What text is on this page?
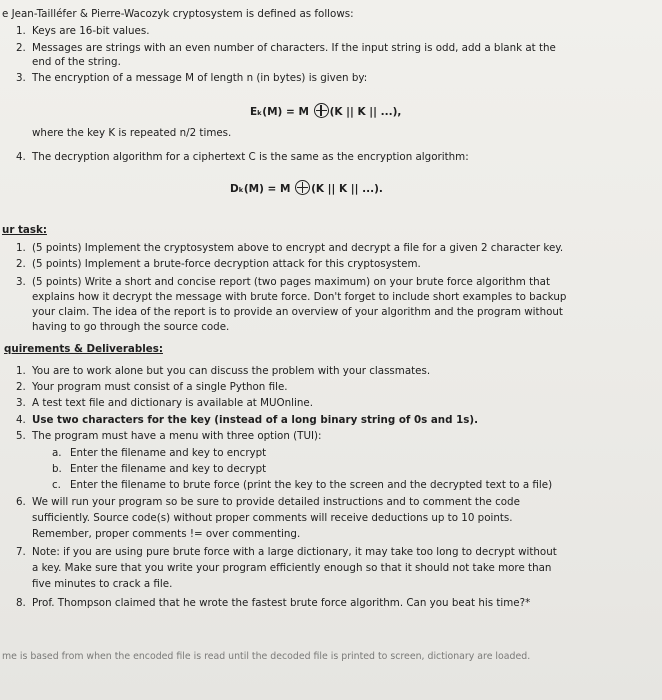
e Jean-Tailléfer & Pierre-Wacozyk cryptosystem is defined as follows:
1. Keys are 16-bit values.
2. Messages are strings with an even number of characters. If the input string is odd, add a blank at the
end of the string.
3. The encryption of a message M of length n (in bytes) is given by:
Eₖ(M) = M (K || K || ...),
where the key K is repeated n/2 times.
4. The decryption algorithm for a ciphertext C is the same as the encryption algorithm:
Dₖ(M) = M (K || K || ...).
ur task:
1. (5 points) Implement the cryptosystem above to encrypt and decrypt a file for a given 2 character key.
2. (5 points) Implement a brute-force decryption attack for this cryptosystem.
3. (5 points) Write a short and concise report (two pages maximum) on your brute force algorithm that
explains how it decrypt the message with brute force. Don't forget to include short examples to backup
your claim. The idea of the report is to provide an overview of your algorithm and the program without
having to go through the source code.
quirements & Deliverables:
1. You are to work alone but you can discuss the problem with your classmates.
2. Your program must consist of a single Python file.
3. A test text file and dictionary is available at MUOnline.
4. Use two characters for the key (instead of a long binary string of 0s and 1s).
5. The program must have a menu with three option (TUI):
a. Enter the filename and key to encrypt
b. Enter the filename and key to decrypt
c. Enter the filename to brute force (print the key to the screen and the decrypted text to a file)
6. We will run your program so be sure to provide detailed instructions and to comment the code
sufficiently. Source code(s) without proper comments will receive deductions up to 10 points.
Remember, proper comments != over commenting.
7. Note: if you are using pure brute force with a large dictionary, it may take too long to decrypt without
a key. Make sure that you write your program efficiently enough so that it should not take more than
five minutes to crack a file.
8. Prof. Thompson claimed that he wrote the fastest brute force algorithm. Can you beat his time?*
me is based from when the encoded file is read until the decoded file is printed to screen, dictionary are loaded.
